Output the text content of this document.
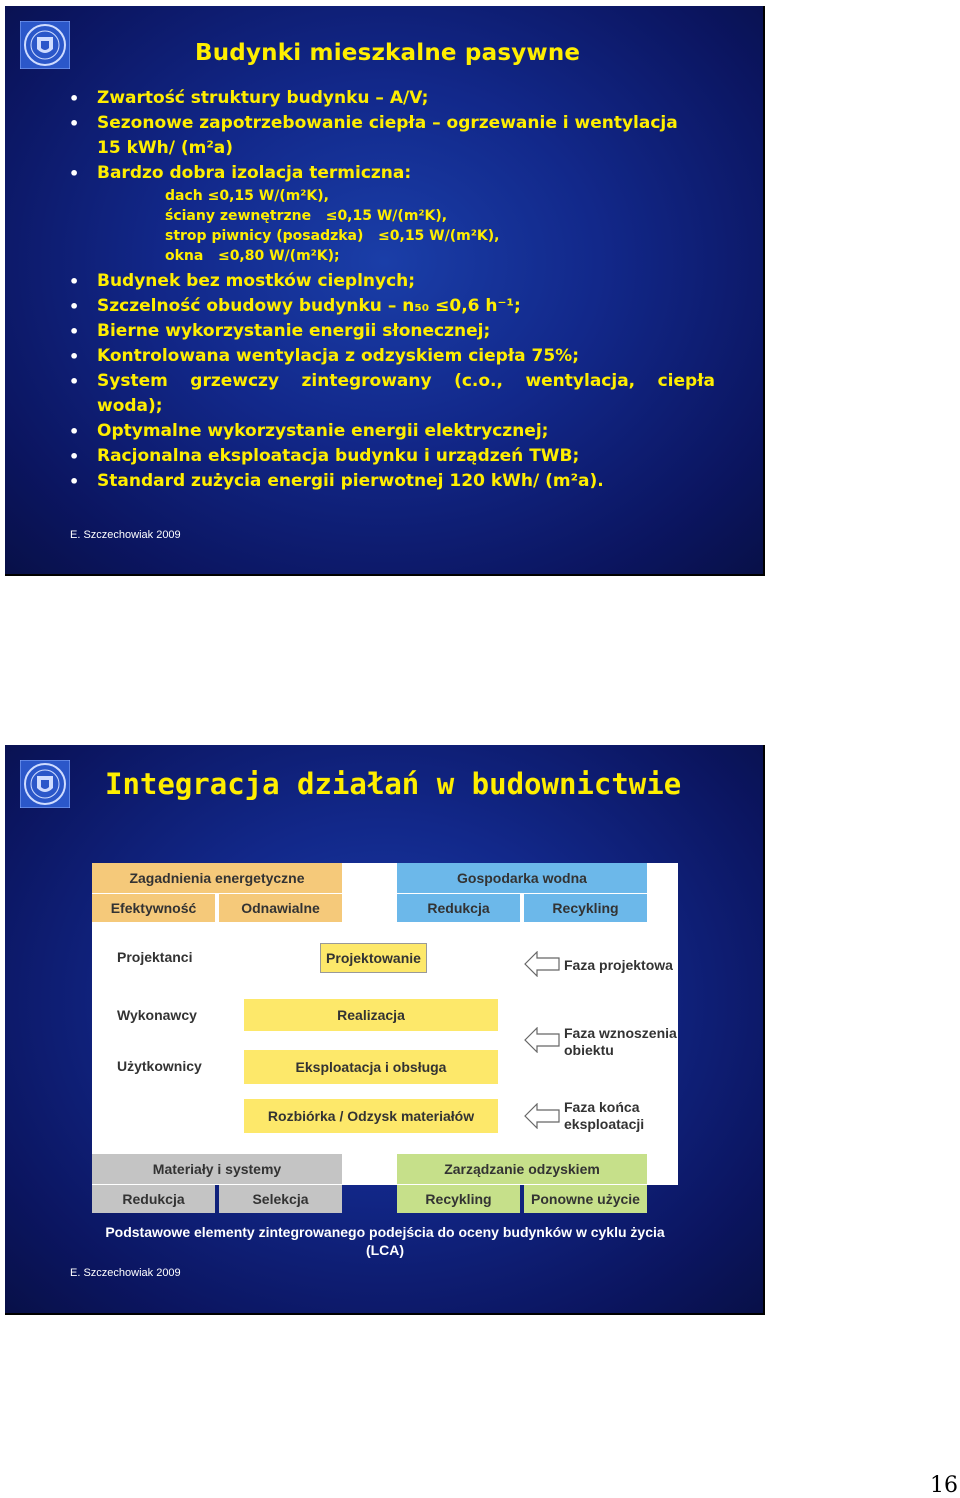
Budynki mieszkalne pasywne
• Zwartość struktury budynku – A/V;
• Sezonowe zapotrzebowanie ciepła – ogrzewanie i wentylacja
15 kWh/ (m²a)
• Bardzo dobra izolacja termiczna:
dach ≤0,15 W/(m²K),
ściany zewnętrzne   ≤0,15 W/(m²K),
strop piwnicy (posadzka)   ≤0,15 W/(m²K),
okna   ≤0,80 W/(m²K);
• Budynek bez mostków cieplnych;
• Szczelność obudowy budynku – n₅₀ ≤0,6 h⁻¹;
• Bierne wykorzystanie energii słonecznej;
• Kontrolowana wentylacja z odzyskiem ciepła 75%;
• System grzewczy zintegrowany (c.o., wentylacja, ciepła
woda);
• Optymalne wykorzystanie energii elektrycznej;
• Racjonalna eksploatacja budynku i urządzeń TWB;
• Standard zużycia energii pierwotnej 120 kWh/ (m²a).
E. Szczechowiak 2009
Integracja działań w budownictwie
Zagadnienia energetyczne
Efektywność	Odnawialne
Gospodarka wodna
Redukcja	Recykling
Projektanci
Wykonawcy
Użytkownicy
Projektowanie
Realizacja
Eksploatacja i obsługa
Rozbiórka / Odzysk materiałów
Faza projektowa
Faza wznoszenia obiektu
Faza końca eksploatacji
Materiały i systemy
Redukcja	Selekcja
Zarządzanie odzyskiem
Recykling	Ponowne użycie
Podstawowe elementy zintegrowanego podejścia do oceny budynków w cyklu życia (LCA)
E. Szczechowiak 2009
16
